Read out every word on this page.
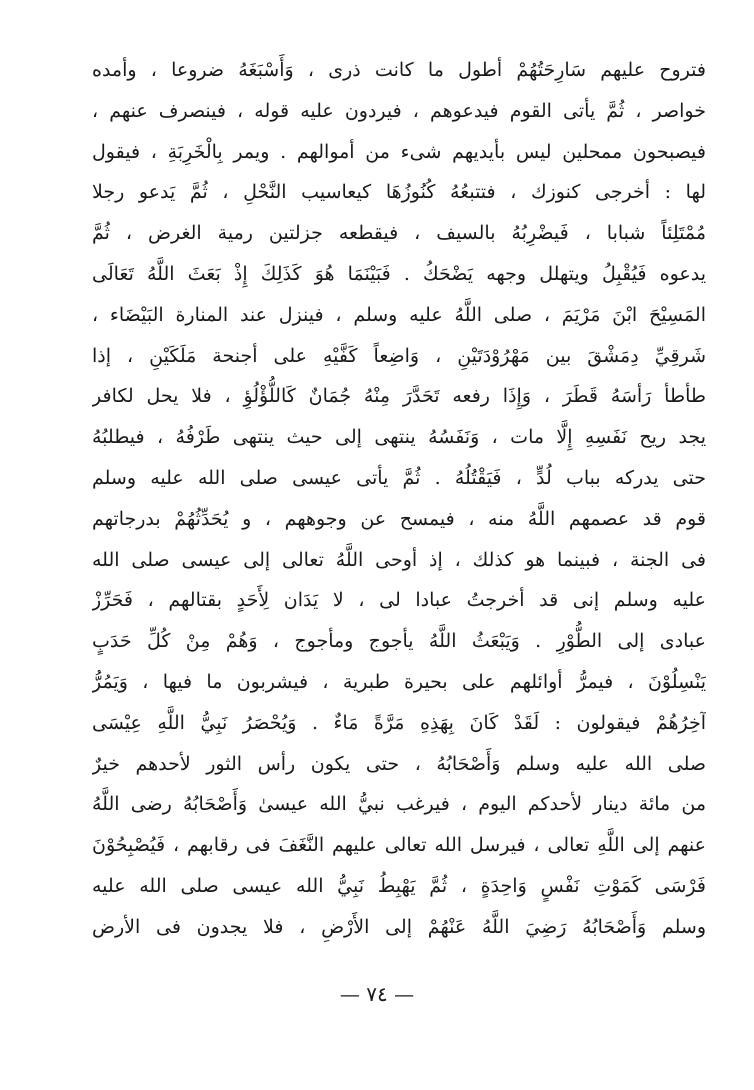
فتروح عليهم سَارِحَتُهُمْ أطول ما كانت ذرى ، وَأَسْبَغَهُ ضروعا ، وأمده
خواصر ، ثُمَّ يأتى القوم فيدعوهم ، فيردون عليه قوله ، فينصرف عنهم ،
فيصبحون ممحلين ليس بأيديهم شىء من أموالهم . ويمر بِالْخَرِبَةِ ، فيقول
لها : أخرجى كنوزك ، فتتبعُهُ كُنُوزُهَا كيعاسيب النَّحْلِ ، ثُمَّ يَدعو رجلا
مُمْتَلِئاً شبابا ، فَيضْرِبُهُ بالسيف ، فيقطعه جزلتين رمية الغرض ، ثُمَّ
يدعوه فَيُقْبِلُ ويتهلل وجهه يَضْحَكُ . فَبَيْنَمَا هُوَ كَذَلِكَ إِذْ بَعَثَ اللَّهُ تَعَالَى
المَسِيْحَ ابْنَ مَرْيَمَ ، صلى اللَّهُ عليه وسلم ، فينزل عند المنارة البَيْضَاء ،
شَرقِيِّ دِمَشْقَ بين مَهْرُوْدَتَيْنِ ، وَاضِعاً كَفَّيْهِ على أجنحة مَلَكَيْنِ ، إذا
طأطأ رَأسَهُ قَطَرَ ، وَإِذَا رفعه تَحَدَّرَ مِنْهُ جُمَانٌ كَاللُّؤْلُؤِ ، فلا يحل لكافر
يجد ريح نَفَسِهِ إِلَّا مات ، وَنَفَسُهُ ينتهى إلى حيث ينتهى طَرْفُهُ ، فيطلبُهُ
حتى يدركه بباب لُدٍّ ، فَيَقْتُلُهُ . ثُمَّ يأتى عيسى صلى الله عليه وسلم
قوم قد عصمهم اللَّهُ منه ، فيمسح عن وجوههم ، و يُحَدِّثُهُمْ بدرجاتهم
فى الجنة ، فبينما هو كذلك ، إذ أوحى اللَّهُ تعالى إلى عيسى صلى الله
عليه وسلم إنى قد أخرجتُ عبادا لى ، لا يَدَان لِأَحَدٍ بقتالهم ، فَحَرِّزْ
عبادى إلى الطُّوْرِ . وَيَبْعَثُ اللَّهُ يأجوج ومأجوج ، وَهُمْ مِنْ كُلِّ حَدَبٍ
يَنْسِلُوْنَ ، فيمرُّ أوائلهم على بحيرة طبرية ، فيشربون ما فيها ، وَيَمُرُّ
آخِرُهُمْ فيقولون : لَقَدْ كَانَ بِهَذِهِ مَرَّةً مَاءٌ . وَيُحْصَرُ نَبِيُّ اللَّهِ عِيْسَى
صلى الله عليه وسلم وَأَصْحَابُهُ ، حتى يكون رأس الثور لأحدهم خيرٌ
من مائة دينار لأحدكم اليوم ، فيرغب نبيُّ الله عيسىٰ وَأَصْحَابُهُ رضى اللَّهُ
عنهم إلى اللَّهِ تعالى ، فيرسل الله تعالى عليهم النَّغَفَ فى رقابهم ، فَيُصْبِحُوْنَ
فَرْسَى كَمَوْتِ نَفْسٍ وَاحِدَةٍ ، ثُمَّ يَهْبِطُ نَبِيُّ الله عيسى صلى الله عليه
وسلم وَأَصْحَابُهُ رَضِيَ اللَّهُ عَنْهُمْ إلى الأَرْضِ ، فلا يجدون فى الأرض
— ٧٤ —
